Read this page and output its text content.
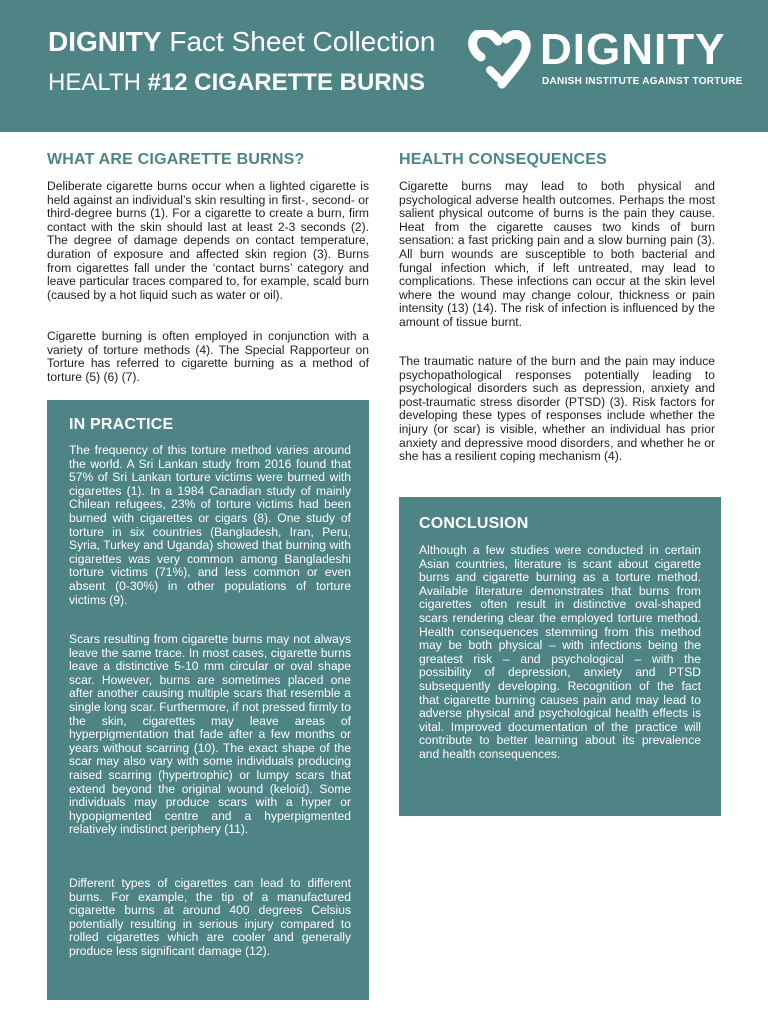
DIGNITY Fact Sheet Collection
HEALTH #12 CIGARETTE BURNS
DIGNITY
DANISH INSTITUTE AGAINST TORTURE
WHAT ARE CIGARETTE BURNS?

Deliberate cigarette burns occur when a lighted cigarette is held against an individual’s skin resulting in first-, second- or third-degree burns (1). For a cigarette to create a burn, firm contact with the skin should last at least 2-3 seconds (2). The degree of damage depends on contact temperature, duration of exposure and affected skin region (3). Burns from cigarettes fall under the ‘contact burns’ category and leave particular traces compared to, for example, scald burn (caused by a hot liquid such as water or oil).

Cigarette burning is often employed in conjunction with a variety of torture methods (4). The Special Rapporteur on Torture has referred to cigarette burning as a method of torture (5) (6) (7).

IN PRACTICE

The frequency of this torture method varies around the world. A Sri Lankan study from 2016 found that 57% of Sri Lankan torture victims were burned with cigarettes (1). In a 1984 Canadian study of mainly Chilean refugees, 23% of torture victims had been burned with cigarettes or cigars (8). One study of torture in six countries (Bangladesh, Iran, Peru, Syria, Turkey and Uganda) showed that burning with cigarettes was very common among Bangladeshi torture victims (71%), and less common or even absent (0-30%) in other populations of torture victims (9).

Scars resulting from cigarette burns may not always leave the same trace. In most cases, cigarette burns leave a distinctive 5-10 mm circular or oval shape scar. However, burns are sometimes placed one after another causing multiple scars that resemble a single long scar. Furthermore, if not pressed firmly to the skin, cigarettes may leave areas of hyperpigmentation that fade after a few months or years without scarring (10). The exact shape of the scar may also vary with some individuals producing raised scarring (hypertrophic) or lumpy scars that extend beyond the original wound (keloid). Some individuals may produce scars with a hyper or hypopigmented centre and a hyperpigmented relatively indistinct periphery (11).

Different types of cigarettes can lead to different burns. For example, the tip of a manufactured cigarette burns at around 400 degrees Celsius potentially resulting in serious injury compared to rolled cigarettes which are cooler and generally produce less significant damage (12).

HEALTH CONSEQUENCES

Cigarette burns may lead to both physical and psychological adverse health outcomes. Perhaps the most salient physical outcome of burns is the pain they cause. Heat from the cigarette causes two kinds of burn sensation: a fast pricking pain and a slow burning pain (3). All burn wounds are susceptible to both bacterial and fungal infection which, if left untreated, may lead to complications. These infections can occur at the skin level where the wound may change colour, thickness or pain intensity (13) (14). The risk of infection is influenced by the amount of tissue burnt.

The traumatic nature of the burn and the pain may induce psychopathological responses potentially leading to psychological disorders such as depression, anxiety and post-traumatic stress disorder (PTSD) (3). Risk factors for developing these types of responses include whether the injury (or scar) is visible, whether an individual has prior anxiety and depressive mood disorders, and whether he or she has a resilient coping mechanism (4).

CONCLUSION

Although a few studies were conducted in certain Asian countries, literature is scant about cigarette burns and cigarette burning as a torture method. Available literature demonstrates that burns from cigarettes often result in distinctive oval-shaped scars rendering clear the employed torture method. Health consequences stemming from this method may be both physical – with infections being the greatest risk – and psychological – with the possibility of depression, anxiety and PTSD subsequently developing. Recognition of the fact that cigarette burning causes pain and may lead to adverse physical and psychological health effects is vital. Improved documentation of the practice will contribute to better learning about its prevalence and health consequences.
